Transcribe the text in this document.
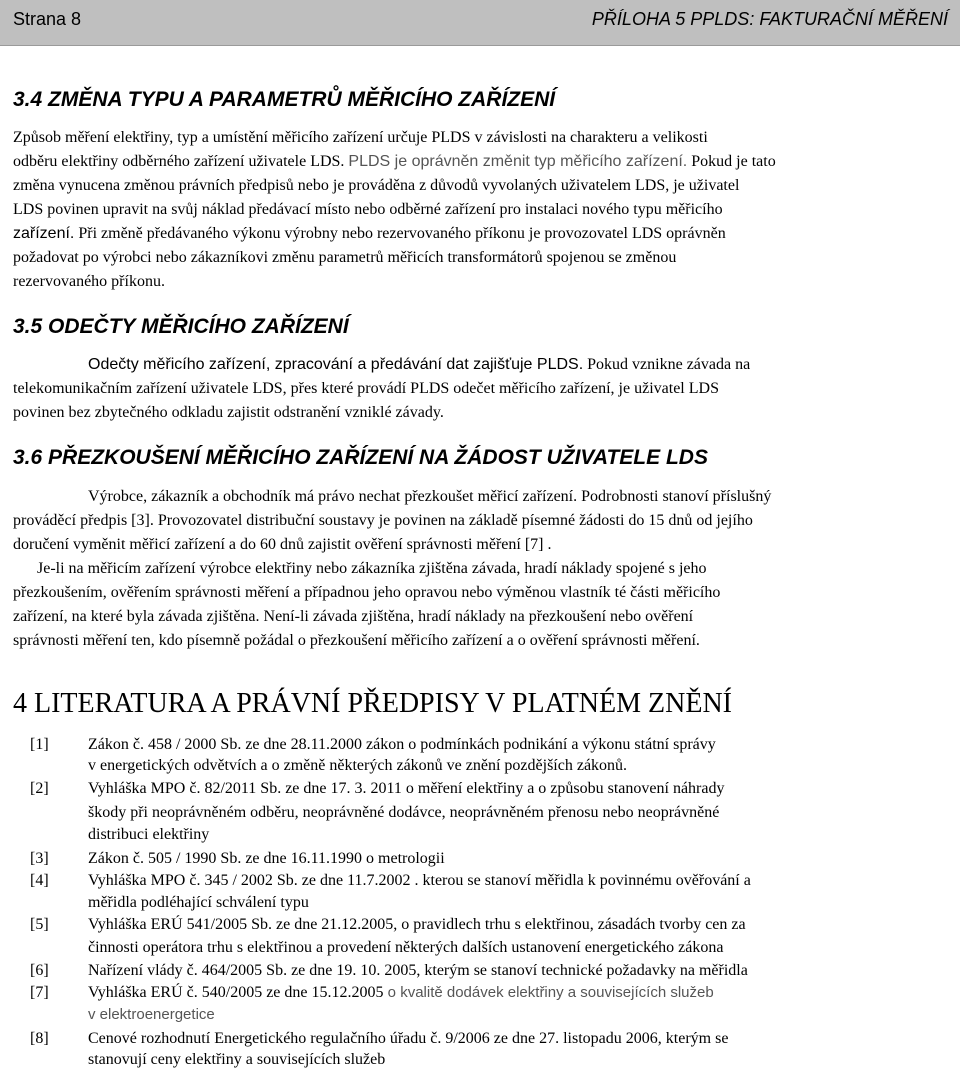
Strana 8	PŘÍLOHA 5 PPLDS: FAKTURAČNÍ MĚŘENÍ
3.4 ZMĚNA TYPU A PARAMETRŮ MĚŘICÍHO ZAŘÍZENÍ
Způsob měření elektřiny, typ a umístění měřicího zařízení určuje PLDS v závislosti na charakteru a velikosti
odběru elektřiny odběrného zařízení uživatele LDS. PLDS je oprávněn změnit typ měřicího zařízení. Pokud je tato
změna vynucena změnou právních předpisů nebo je prováděna z důvodů vyvolaných uživatelem LDS, je uživatel
LDS povinen upravit na svůj náklad předávací místo nebo odběrné zařízení pro instalaci nového typu měřicího
zařízení. Při změně předávaného výkonu výrobny nebo rezervovaného příkonu je provozovatel LDS oprávněn
požadovat po výrobci nebo zákazníkovi změnu parametrů měřicích transformátorů spojenou se změnou
rezervovaného příkonu.
3.5 ODEČTY MĚŘICÍHO ZAŘÍZENÍ
Odečty měřicího zařízení, zpracování a předávání dat zajišťuje PLDS. Pokud vznikne závada na
telekomunikačním zařízení uživatele LDS, přes které provádí PLDS odečet měřicího zařízení, je uživatel LDS
povinen bez zbytečného odkladu zajistit odstranění vzniklé závady.
3.6 PŘEZKOUŠENÍ MĚŘICÍHO ZAŘÍZENÍ NA ŽÁDOST UŽIVATELE LDS
Výrobce, zákazník a obchodník má právo nechat přezkoušet měřicí zařízení. Podrobnosti stanoví příslušný
prováděcí předpis [3]. Provozovatel distribuční soustavy je povinen na základě písemné žádosti do 15 dnů od jejího
doručení vyměnit měřicí zařízení a do 60 dnů zajistit ověření správnosti měření [7] .
Je-li na měřicím zařízení výrobce elektřiny nebo zákazníka zjištěna závada, hradí náklady spojené s jeho
přezkoušením, ověřením správnosti měření a případnou jeho opravou nebo výměnou vlastník té části měřicího
zařízení, na které byla závada zjištěna. Není-li závada zjištěna, hradí náklady na přezkoušení nebo ověření
správnosti měření ten, kdo písemně požádal o přezkoušení měřicího zařízení a o ověření správnosti měření.
4 LITERATURA A PRÁVNÍ PŘEDPISY V PLATNÉM ZNĚNÍ
[1] Zákon č. 458 / 2000 Sb. ze dne 28.11.2000 zákon o podmínkách podnikání a výkonu státní správy
v energetických odvětvích a o změně některých zákonů ve znění pozdějších zákonů.
[2] Vyhláška MPO č. 82/2011 Sb. ze dne 17. 3. 2011 o měření elektřiny a o způsobu stanovení náhrady
škody při neoprávněném odběru, neoprávněné dodávce, neoprávněném přenosu nebo neoprávněné
distribuci elektřiny
[3] Zákon č. 505 / 1990 Sb. ze dne 16.11.1990 o metrologii
[4] Vyhláška MPO č. 345 / 2002 Sb. ze dne 11.7.2002 . kterou se stanoví měřidla k povinnému ověřování a
měřidla podléhající schválení typu
[5] Vyhláška ERÚ 541/2005 Sb. ze dne 21.12.2005, o pravidlech trhu s elektřinou, zásadách tvorby cen za
činnosti operátora trhu s elektřinou a provedení některých dalších ustanovení energetického zákona
[6] Nařízení vlády č. 464/2005 Sb. ze dne 19. 10. 2005, kterým se stanoví technické požadavky na měřidla
[7] Vyhláška ERÚ č. 540/2005 ze dne 15.12.2005 o kvalitě dodávek elektřiny a souvisejících služeb
v elektroenergetice
[8] Cenové rozhodnutí Energetického regulačního úřadu č. 9/2006 ze dne 27. listopadu 2006, kterým se
stanovují ceny elektřiny a souvisejících služeb
